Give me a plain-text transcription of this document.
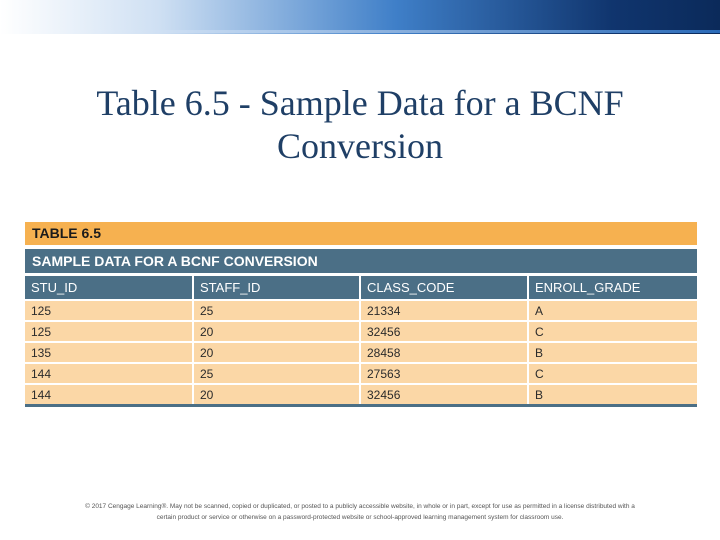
Table 6.5 - Sample Data for a BCNF
Conversion
TABLE 6.5
SAMPLE DATA FOR A BCNF CONVERSION
STU_ID	STAFF_ID	CLASS_CODE	ENROLL_GRADE
125	25	21334	A
125	20	32456	C
135	20	28458	B
144	25	27563	C
144	20	32456	B
© 2017 Cengage Learning®. May not be scanned, copied or duplicated, or posted to a publicly accessible website, in whole or in part, except for use as permitted in a license distributed with a
certain product or service or otherwise on a password-protected website or school-approved learning management system for classroom use.
